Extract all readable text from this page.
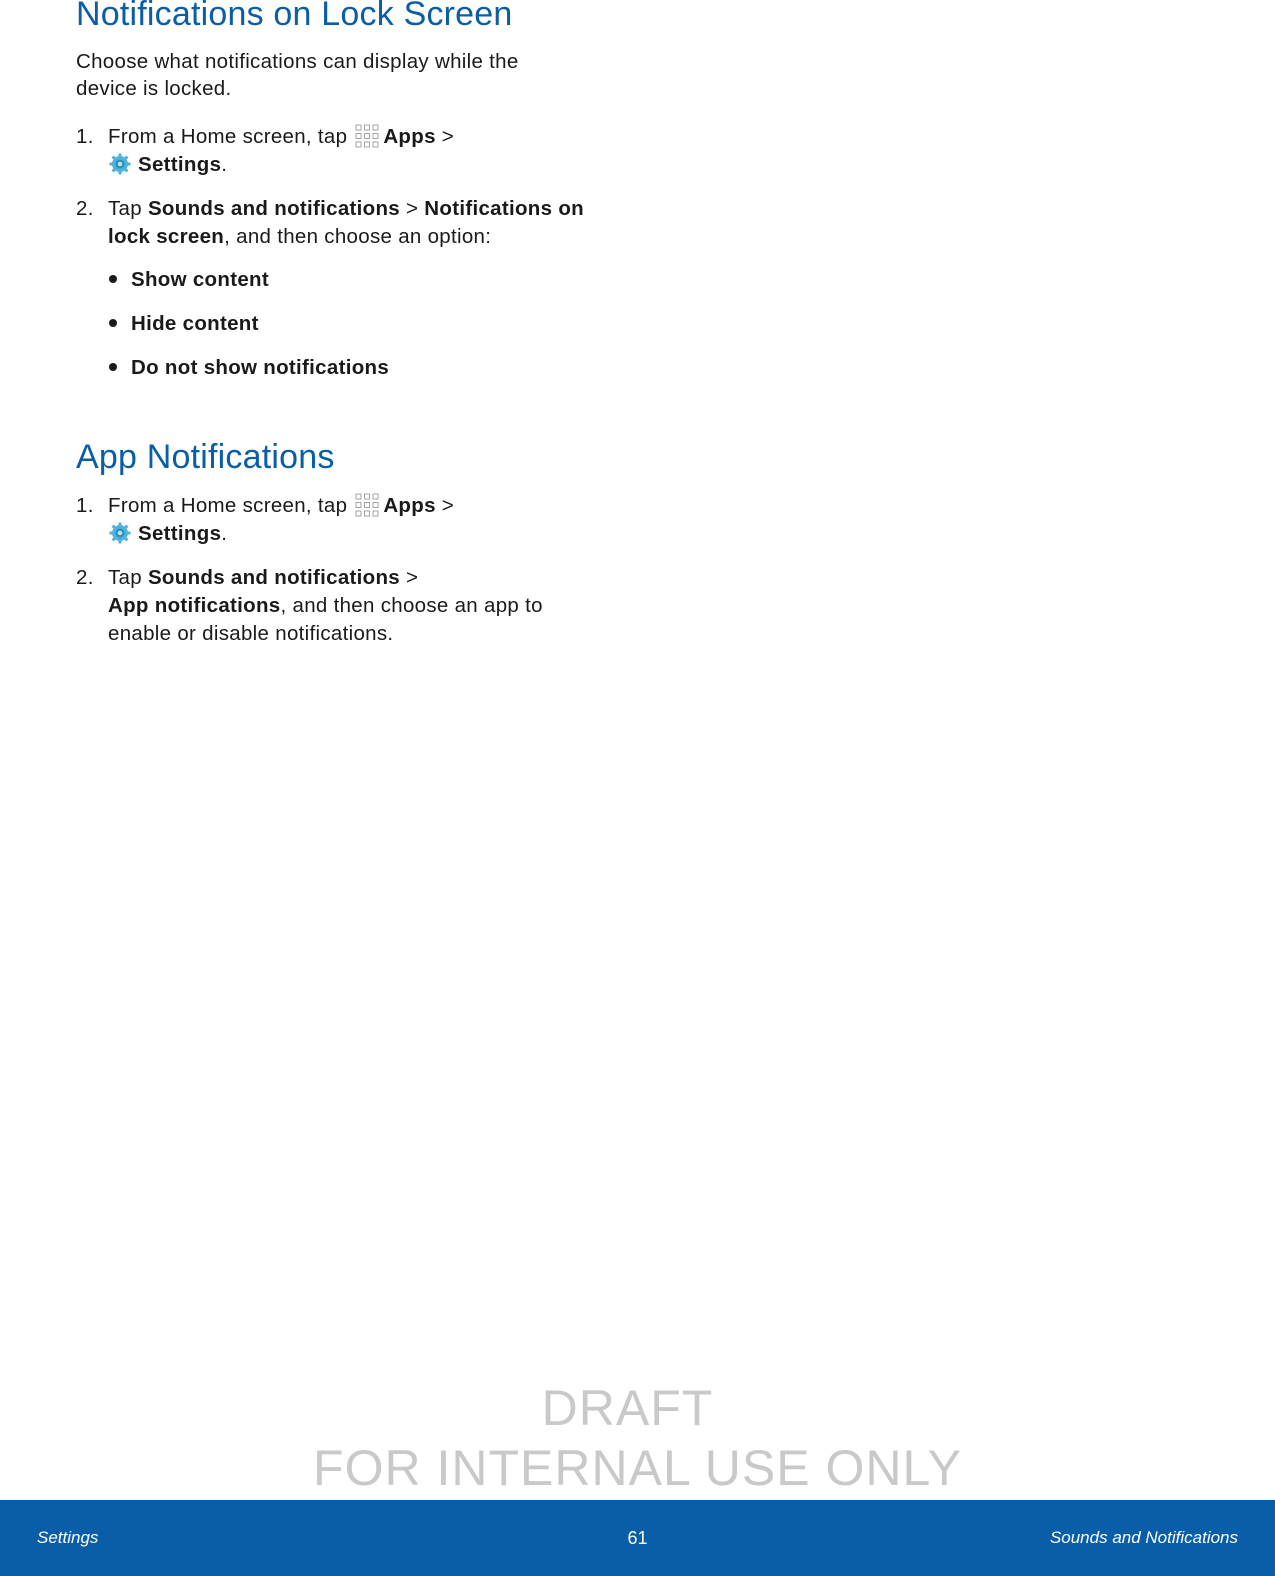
Notifications on Lock Screen

Choose what notifications can display while the device is locked.

1. From a Home screen, tap Apps >
Settings.
2. Tap Sounds and notifications > Notifications on lock screen, and then choose an option:
Show content
Hide content
Do not show notifications
App Notifications
1. From a Home screen, tap Apps >
Settings.
2. Tap Sounds and notifications >
App notifications, and then choose an app to enable or disable notifications.
DRAFT
FOR INTERNAL USE ONLY
Settings	61	Sounds and Notifications
